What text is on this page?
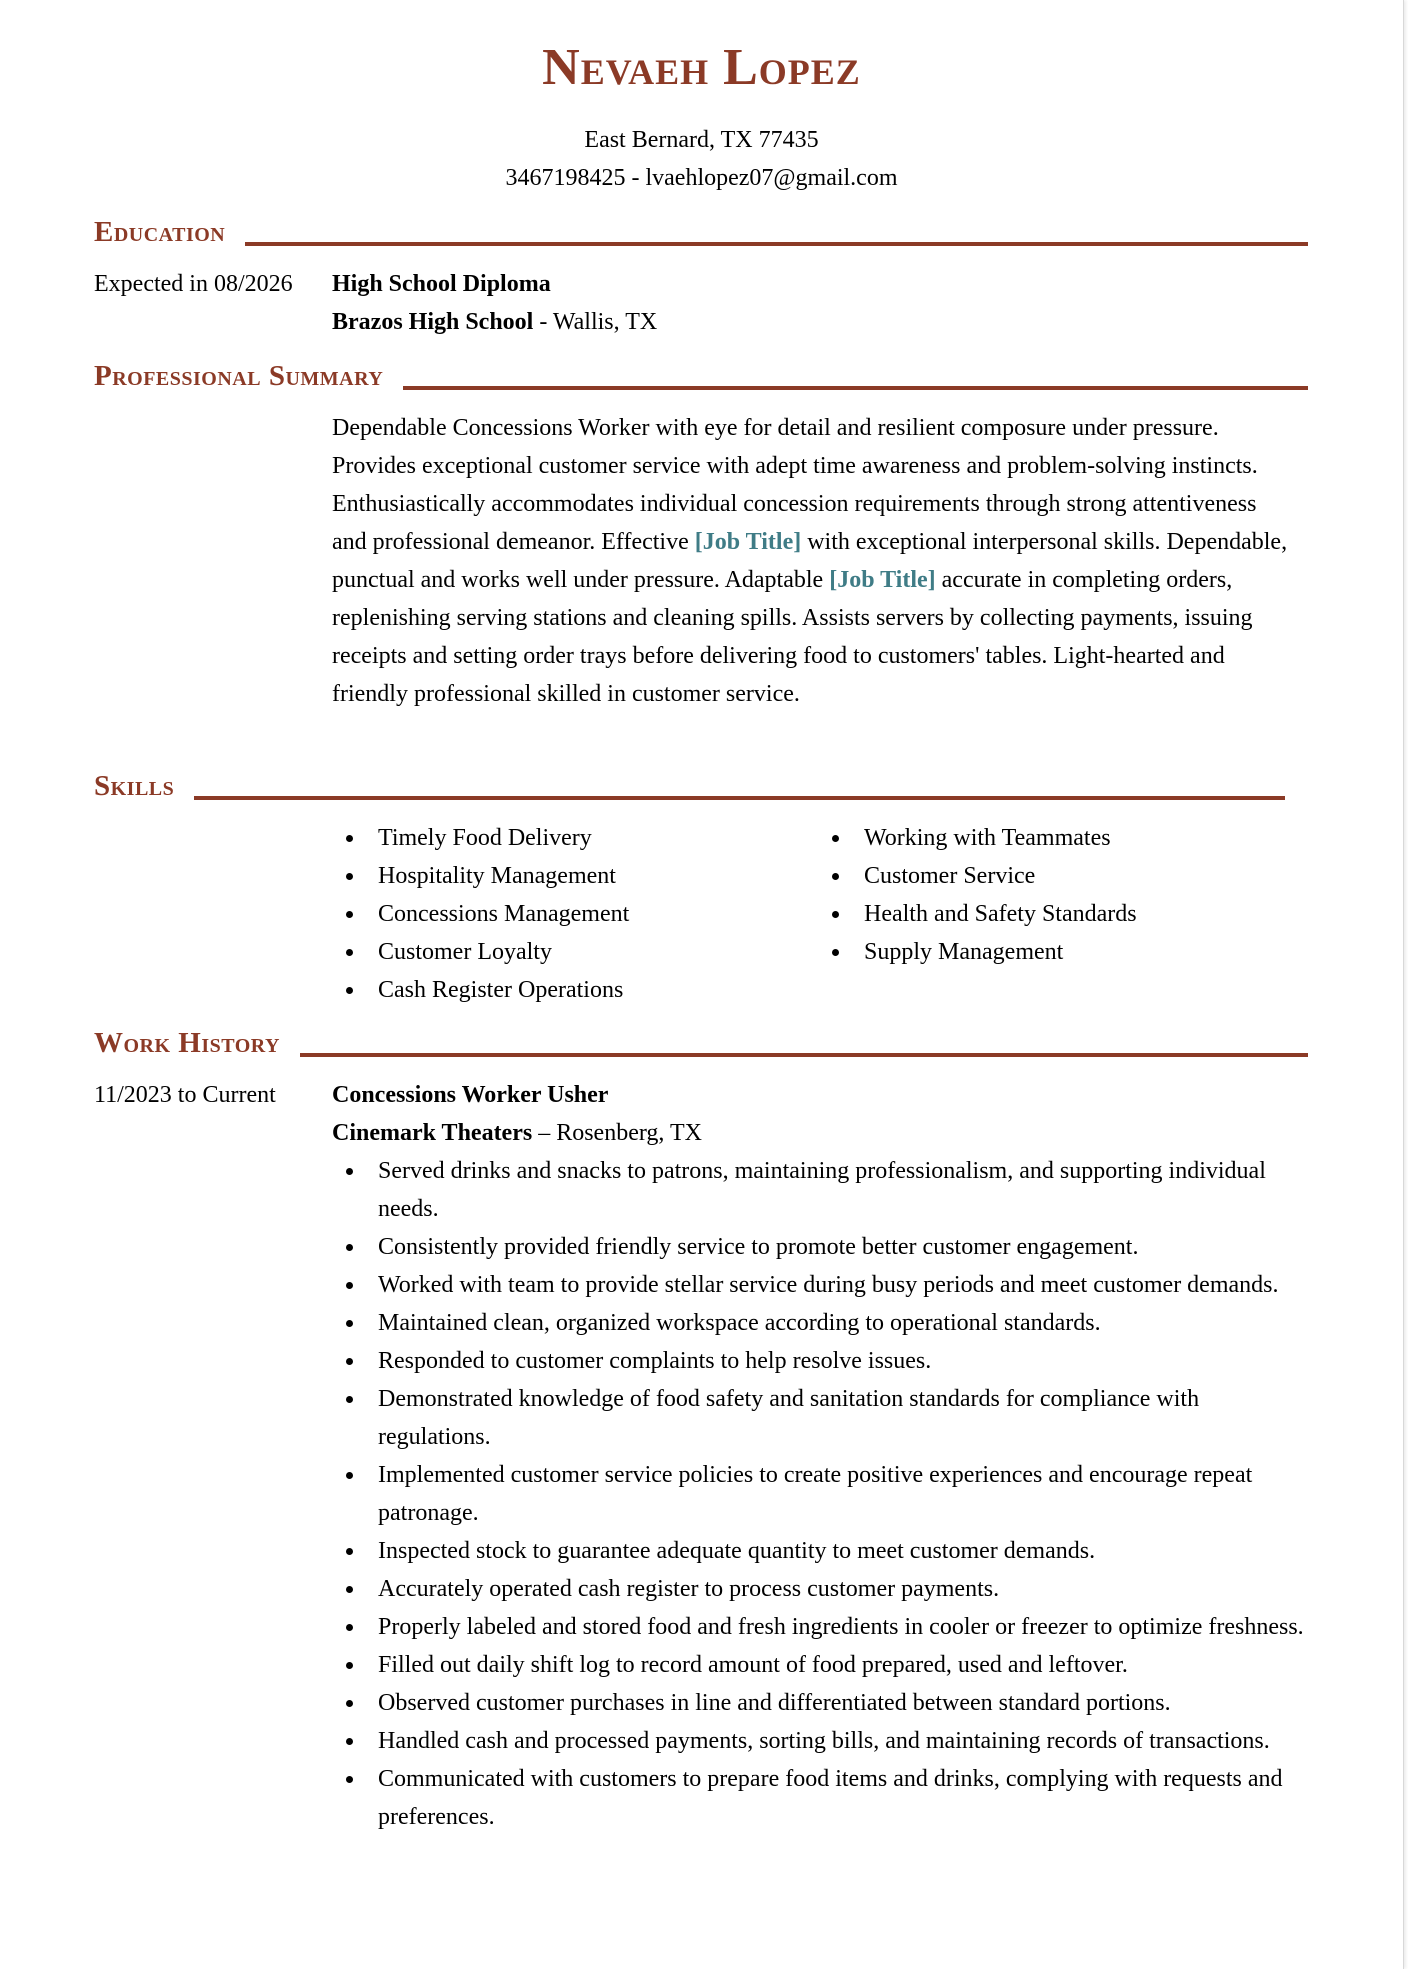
Nevaeh Lopez
East Bernard, TX 77435
3467198425 - lvaehlopez07@gmail.com
Education
Expected in 08/2026 High School Diploma
Brazos High School - Wallis, TX
Professional Summary
Dependable Concessions Worker with eye for detail and resilient composure under pressure. Provides exceptional customer service with adept time awareness and problem-solving instincts. Enthusiastically accommodates individual concession requirements through strong attentiveness and professional demeanor. Effective [Job Title] with exceptional interpersonal skills. Dependable, punctual and works well under pressure. Adaptable [Job Title] accurate in completing orders, replenishing serving stations and cleaning spills. Assists servers by collecting payments, issuing receipts and setting order trays before delivering food to customers' tables. Light-hearted and friendly professional skilled in customer service.
Skills
Timely Food Delivery
Hospitality Management
Concessions Management
Customer Loyalty
Cash Register Operations
Working with Teammates
Customer Service
Health and Safety Standards
Supply Management
Work History
11/2023 to Current Concessions Worker Usher
Cinemark Theaters – Rosenberg, TX
Served drinks and snacks to patrons, maintaining professionalism, and supporting individual needs.
Consistently provided friendly service to promote better customer engagement.
Worked with team to provide stellar service during busy periods and meet customer demands.
Maintained clean, organized workspace according to operational standards.
Responded to customer complaints to help resolve issues.
Demonstrated knowledge of food safety and sanitation standards for compliance with regulations.
Implemented customer service policies to create positive experiences and encourage repeat patronage.
Inspected stock to guarantee adequate quantity to meet customer demands.
Accurately operated cash register to process customer payments.
Properly labeled and stored food and fresh ingredients in cooler or freezer to optimize freshness.
Filled out daily shift log to record amount of food prepared, used and leftover.
Observed customer purchases in line and differentiated between standard portions.
Handled cash and processed payments, sorting bills, and maintaining records of transactions.
Communicated with customers to prepare food items and drinks, complying with requests and preferences.
